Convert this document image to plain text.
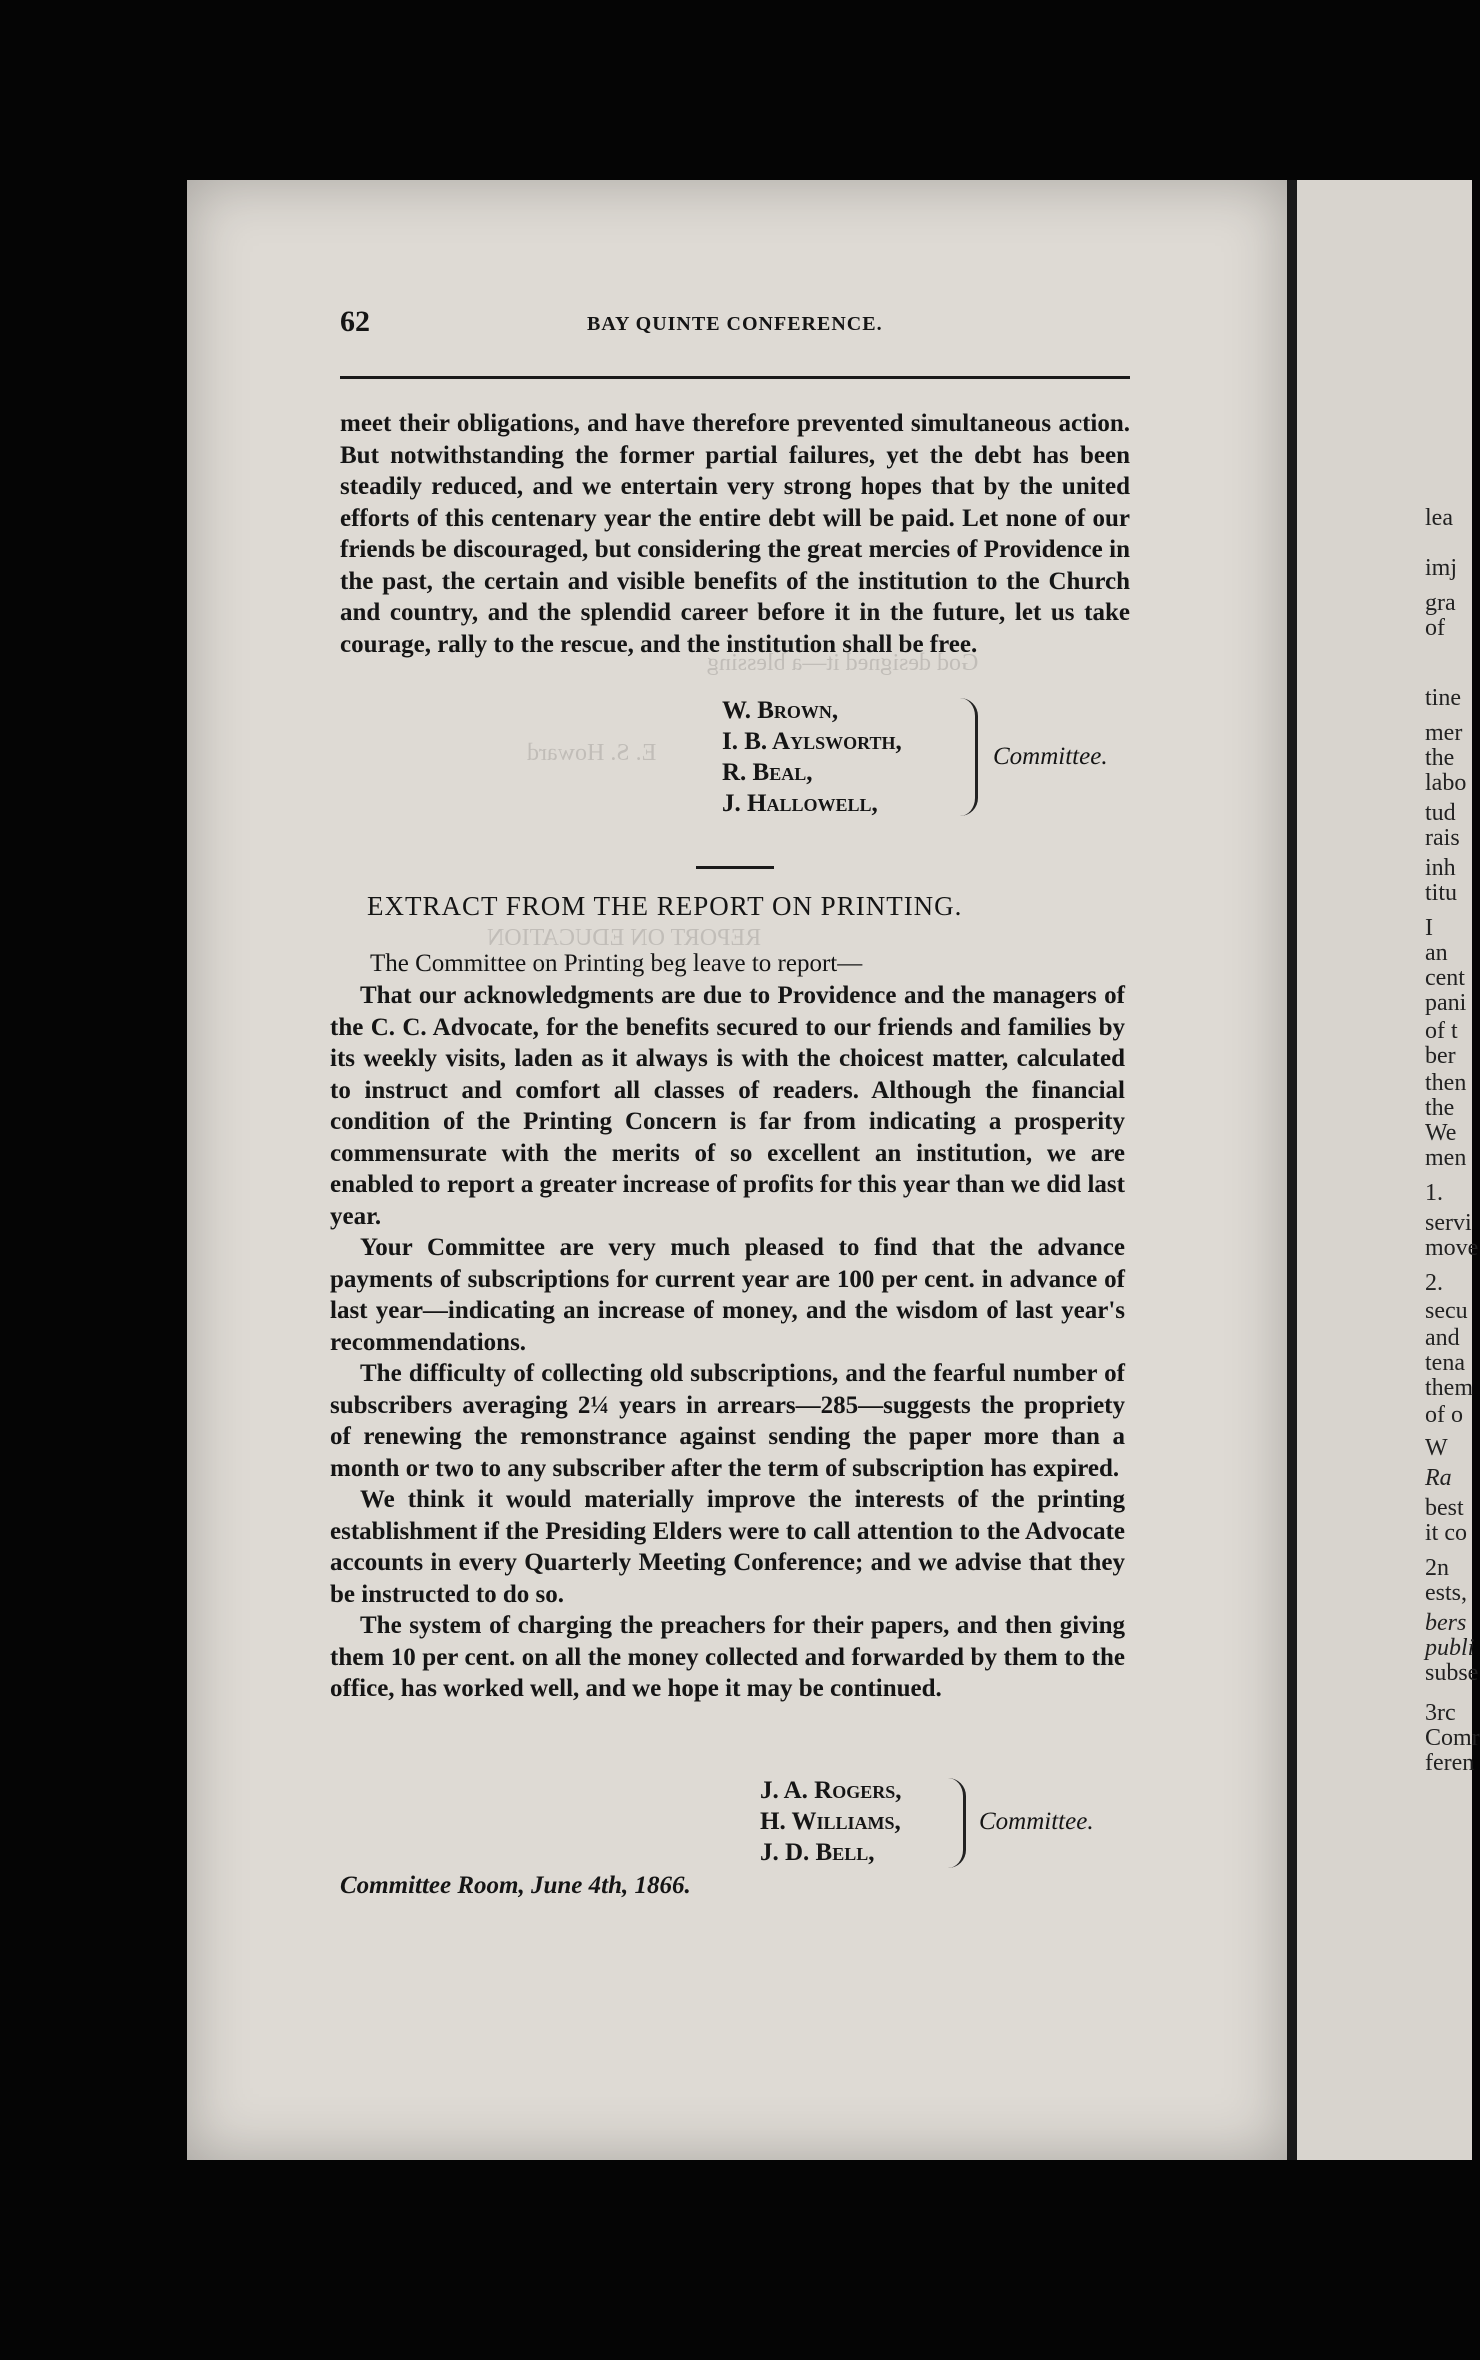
God designed it—a blessing
E. S. Howard
REPORT ON EDUCATION
62	BAY QUINTE CONFERENCE.

meet their obligations, and have therefore prevented simultaneous action. But notwithstanding the former partial failures, yet the debt has been steadily reduced, and we entertain very strong hopes that by the united efforts of this centenary year the entire debt will be paid. Let none of our friends be discouraged, but considering the great mercies of Providence in the past, the certain and visible benefits of the institution to the Church and country, and the splendid career before it in the future, let us take courage, rally to the rescue, and the institution shall be free.

W. Brown,
I. B. Aylsworth,
R. Beal,
J. Hallowell,
Committee.
EXTRACT FROM THE REPORT ON PRINTING.

The Committee on Printing beg leave to report—

That our acknowledgments are due to Providence and the managers of the C. C. Advocate, for the benefits secured to our friends and families by its weekly visits, laden as it always is with the choicest matter, calculated to instruct and comfort all classes of readers. Although the financial condition of the Printing Concern is far from indicating a prosperity commensurate with the merits of so excellent an institution, we are enabled to report a greater increase of profits for this year than we did last year.

Your Committee are very much pleased to find that the advance payments of subscriptions for current year are 100 per cent. in advance of last year—indicating an increase of money, and the wisdom of last year's recommendations.

The difficulty of collecting old subscriptions, and the fearful number of subscribers averaging 2¼ years in arrears—285—suggests the propriety of renewing the remonstrance against sending the paper more than a month or two to any subscriber after the term of subscription has expired.

We think it would materially improve the interests of the printing establishment if the Presiding Elders were to call attention to the Advocate accounts in every Quarterly Meeting Conference; and we advise that they be instructed to do so.

The system of charging the preachers for their papers, and then giving them 10 per cent. on all the money collected and forwarded by them to the office, has worked well, and we hope it may be continued.

J. A. Rogers,
H. Williams,
J. D. Bell,
Committee.
Committee Room, June 4th, 1866.
lea
imj
gra
of
tine
mer
the
labo
tud
rais
inh
titu
I
an
cent
pani
of t
ber
then
the
We
men
1.
servi
move
2.
secu
and
tena
them
of o
W
Ra
best
it co
2n
ests,
bers
publi
subse
3rc
Comr
feren
